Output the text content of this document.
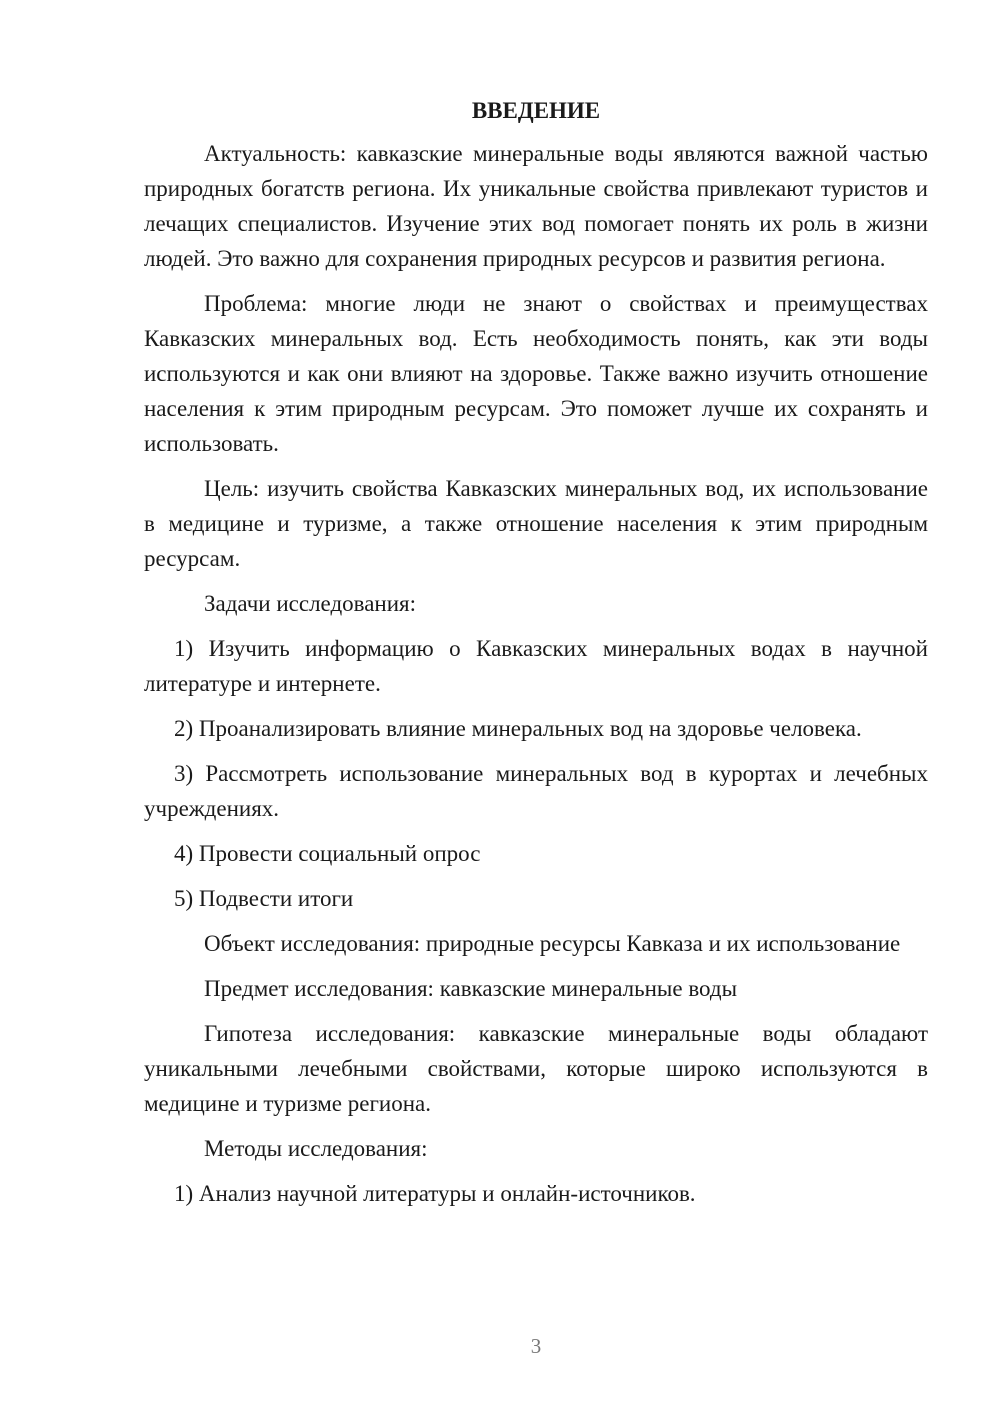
ВВЕДЕНИЕ

Актуальность: кавказские минеральные воды являются важной частью природных богатств региона. Их уникальные свойства привлекают туристов и лечащих специалистов. Изучение этих вод помогает понять их роль в жизни людей. Это важно для сохранения природных ресурсов и развития региона.

Проблема: многие люди не знают о свойствах и преимуществах Кавказских минеральных вод. Есть необходимость понять, как эти воды используются и как они влияют на здоровье. Также важно изучить отношение населения к этим природным ресурсам. Это поможет лучше их сохранять и использовать.

Цель: изучить свойства Кавказских минеральных вод, их использование в медицине и туризме, а также отношение населения к этим природным ресурсам.

Задачи исследования:

1) Изучить информацию о Кавказских минеральных водах в научной литературе и интернете.

2) Проанализировать влияние минеральных вод на здоровье человека.

3) Рассмотреть использование минеральных вод в курортах и лечебных учреждениях.

4) Провести социальный опрос

5) Подвести итоги

Объект исследования: природные ресурсы Кавказа и их использование

Предмет исследования: кавказские минеральные воды

Гипотеза исследования: кавказские минеральные воды обладают уникальными лечебными свойствами, которые широко используются в медицине и туризме региона.

Методы исследования:

1) Анализ научной литературы и онлайн-источников.

3
